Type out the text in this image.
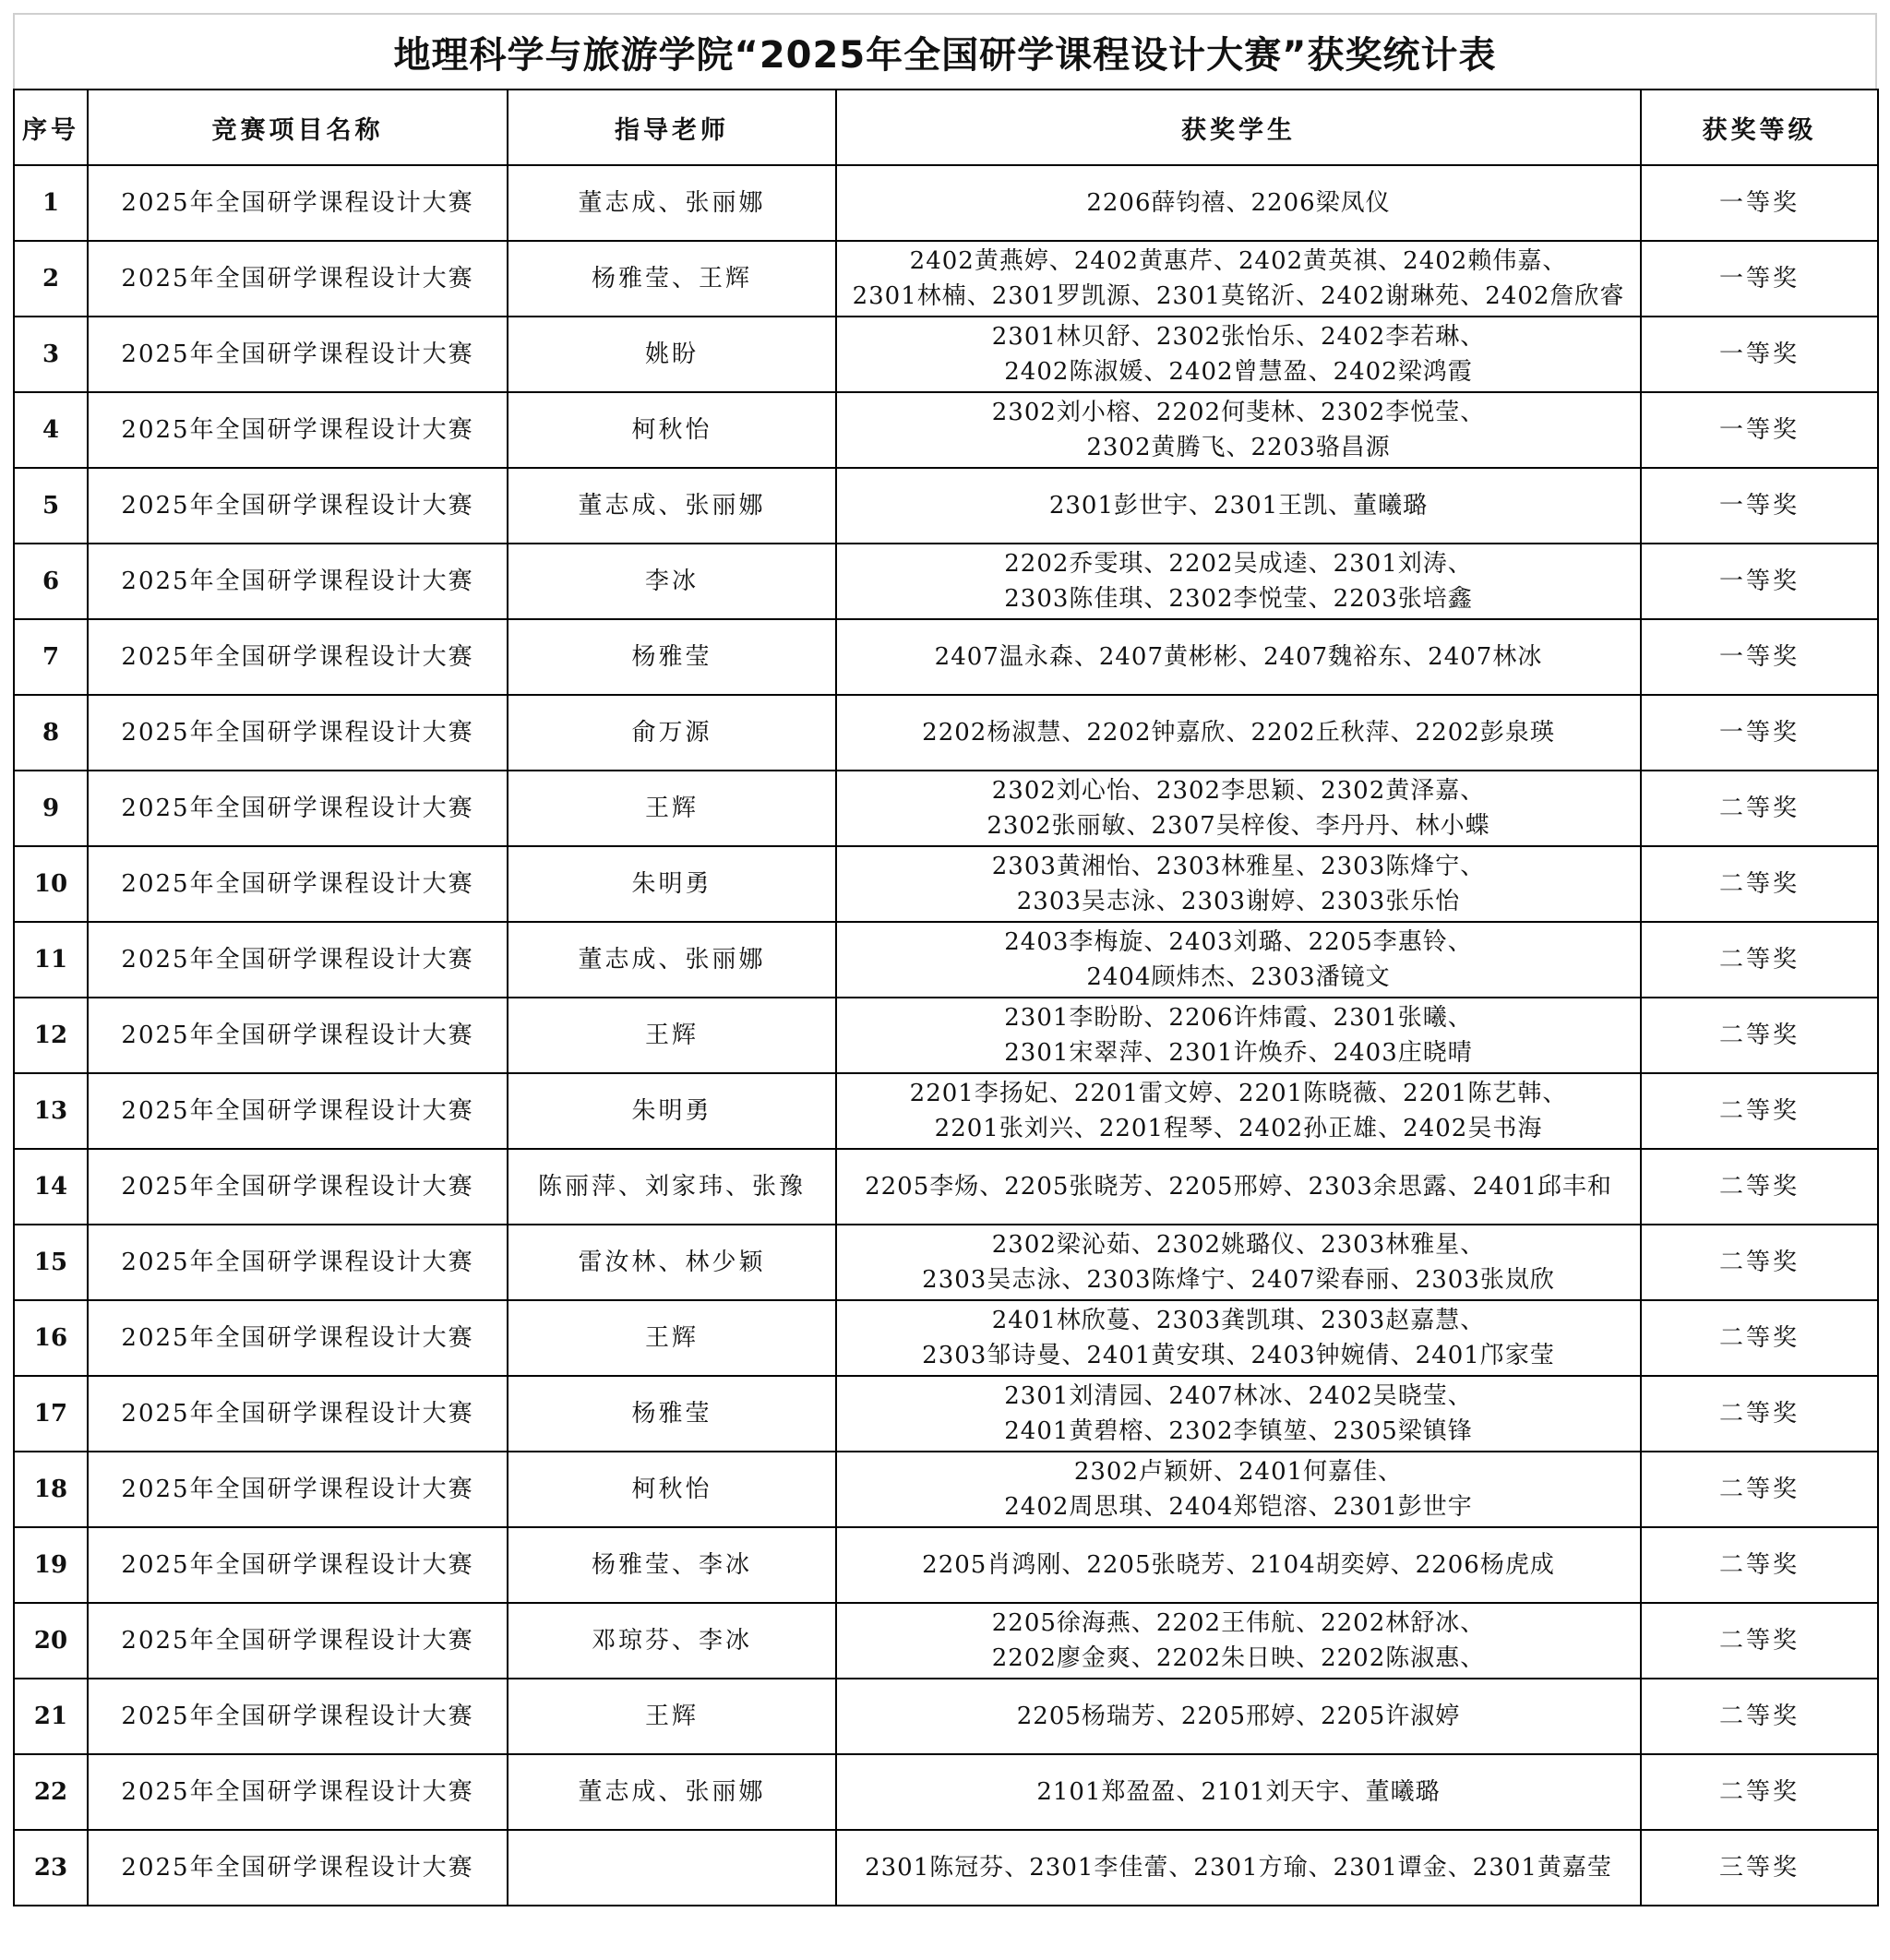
地理科学与旅游学院“2025年全国研学课程设计大赛”获奖统计表
序号	竞赛项目名称	指导老师	获奖学生	获奖等级
1	2025年全国研学课程设计大赛	董志成、张丽娜	2206薛钧禧、2206梁凤仪	一等奖
2	2025年全国研学课程设计大赛	杨雅莹、王辉	2402黄燕婷、2402黄惠芹、2402黄英祺、2402赖伟嘉、
2301林楠、2301罗凯源、2301莫铭沂、2402谢琳苑、2402詹欣睿	一等奖
3	2025年全国研学课程设计大赛	姚盼	2301林贝舒、2302张怡乐、2402李若琳、
2402陈淑媛、2402曾慧盈、2402梁鸿霞	一等奖
4	2025年全国研学课程设计大赛	柯秋怡	2302刘小榕、2202何斐林、2302李悦莹、
2302黄腾飞、2203骆昌源	一等奖
5	2025年全国研学课程设计大赛	董志成、张丽娜	2301彭世宇、2301王凯、董曦璐	一等奖
6	2025年全国研学课程设计大赛	李冰	2202乔雯琪、2202吴成逵、2301刘涛、
2303陈佳琪、2302李悦莹、2203张培鑫	一等奖
7	2025年全国研学课程设计大赛	杨雅莹	2407温永森、2407黄彬彬、2407魏裕东、2407林冰	一等奖
8	2025年全国研学课程设计大赛	俞万源	2202杨淑慧、2202钟嘉欣、2202丘秋萍、2202彭泉瑛	一等奖
9	2025年全国研学课程设计大赛	王辉	2302刘心怡、2302李思颖、2302黄泽嘉、
2302张丽敏、2307吴梓俊、李丹丹、林小蝶	二等奖
10	2025年全国研学课程设计大赛	朱明勇	2303黄湘怡、2303林雅星、2303陈烽宁、
2303吴志泳、2303谢婷、2303张乐怡	二等奖
11	2025年全国研学课程设计大赛	董志成、张丽娜	2403李梅旋、2403刘璐、2205李惠铃、
2404顾炜杰、2303潘镜文	二等奖
12	2025年全国研学课程设计大赛	王辉	2301李盼盼、2206许炜霞、2301张曦、
2301宋翠萍、2301许焕乔、2403庄晓晴	二等奖
13	2025年全国研学课程设计大赛	朱明勇	2201李扬妃、2201雷文婷、2201陈晓薇、2201陈艺韩、
2201张刘兴、2201程琴、2402孙正雄、2402吴书海	二等奖
14	2025年全国研学课程设计大赛	陈丽萍、刘家玮、张豫	2205李炀、2205张晓芳、2205邢婷、2303余思露、2401邱丰和	二等奖
15	2025年全国研学课程设计大赛	雷汝林、林少颖	2302梁沁茹、2302姚璐仪、2303林雅星、
2303吴志泳、2303陈烽宁、2407梁春丽、2303张岚欣	二等奖
16	2025年全国研学课程设计大赛	王辉	2401林欣蔓、2303龚凯琪、2303赵嘉慧、
2303邹诗曼、2401黄安琪、2403钟婉倩、2401邝家莹	二等奖
17	2025年全国研学课程设计大赛	杨雅莹	2301刘清园、2407林冰、2402吴晓莹、
2401黄碧榕、2302李镇堃、2305梁镇锋	二等奖
18	2025年全国研学课程设计大赛	柯秋怡	2302卢颖妍、2401何嘉佳、
2402周思琪、2404郑铠溶、2301彭世宇	二等奖
19	2025年全国研学课程设计大赛	杨雅莹、李冰	2205肖鸿刚、2205张晓芳、2104胡奕婷、2206杨虎成	二等奖
20	2025年全国研学课程设计大赛	邓琼芬、李冰	2205徐海燕、2202王伟航、2202林舒冰、
2202廖金爽、2202朱日映、2202陈淑惠、	二等奖
21	2025年全国研学课程设计大赛	王辉	2205杨瑞芳、2205邢婷、2205许淑婷	二等奖
22	2025年全国研学课程设计大赛	董志成、张丽娜	2101郑盈盈、2101刘天宇、董曦璐	二等奖
23	2025年全国研学课程设计大赛		2301陈冠芬、2301李佳蕾、2301方瑜、2301谭金、2301黄嘉莹	三等奖
